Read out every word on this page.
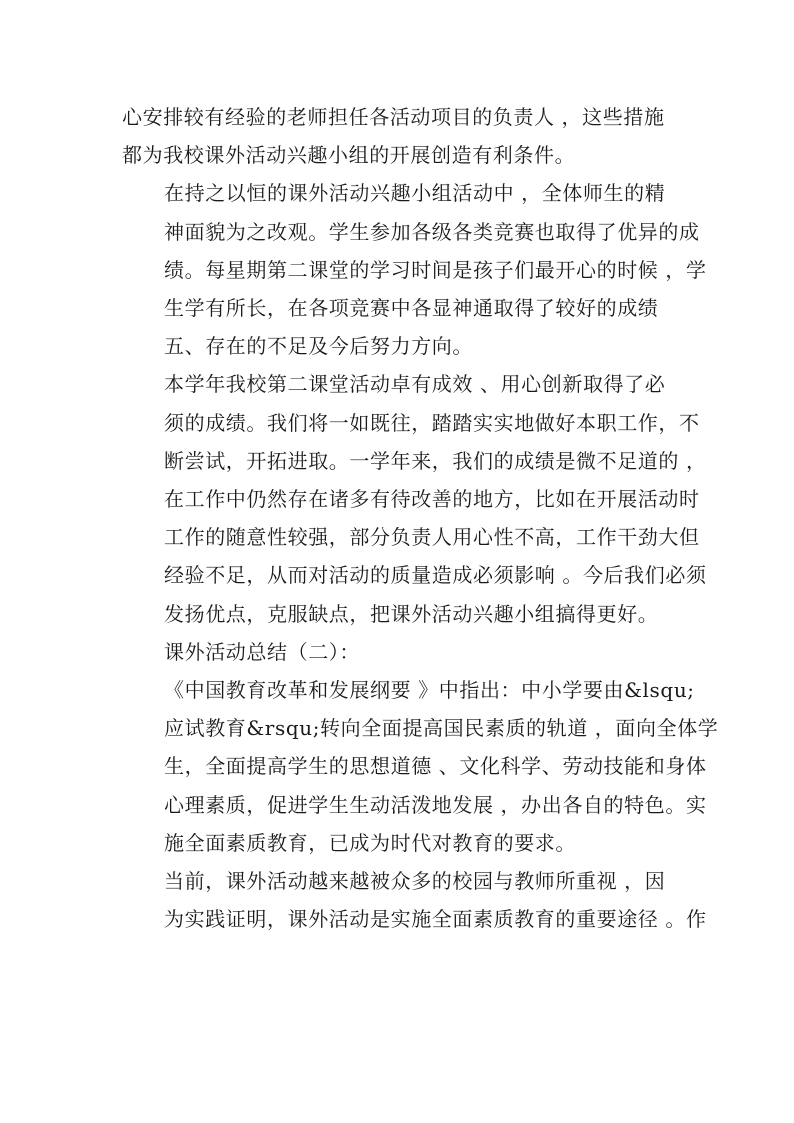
心安排较有经验的老师担任各活动项目的负责人 ，这些措施
都为我校课外活动兴趣小组的开展创造有利条件。

在持之以恒的课外活动兴趣小组活动中 ，全体师生的精
神面貌为之改观。学生参加各级各类竞赛也取得了优异的成
绩。每星期第二课堂的学习时间是孩子们最开心的时候 ，学
生学有所长，在各项竞赛中各显神通取得了较好的成绩

五、存在的不足及今后努力方向。

本学年我校第二课堂活动卓有成效 、用心创新取得了必
须的成绩。我们将一如既往，踏踏实实地做好本职工作，不
断尝试，开拓进取。一学年来，我们的成绩是微不足道的 ，
在工作中仍然存在诸多有待改善的地方，比如在开展活动时
工作的随意性较强，部分负责人用心性不高，工作干劲大但
经验不足，从而对活动的质量造成必须影响 。今后我们必须
发扬优点，克服缺点，把课外活动兴趣小组搞得更好。

课外活动总结（二）：

《中国教育改革和发展纲要 》中指出：中小学要由&lsqu;
应试教育&rsqu;转向全面提高国民素质的轨道 ，面向全体学
生，全面提高学生的思想道德 、文化科学、劳动技能和身体
心理素质，促进学生生动活泼地发展 ，办出各自的特色。实
施全面素质教育，已成为时代对教育的要求。

当前，课外活动越来越被众多的校园与教师所重视 ，因
为实践证明，课外活动是实施全面素质教育的重要途径 。作
